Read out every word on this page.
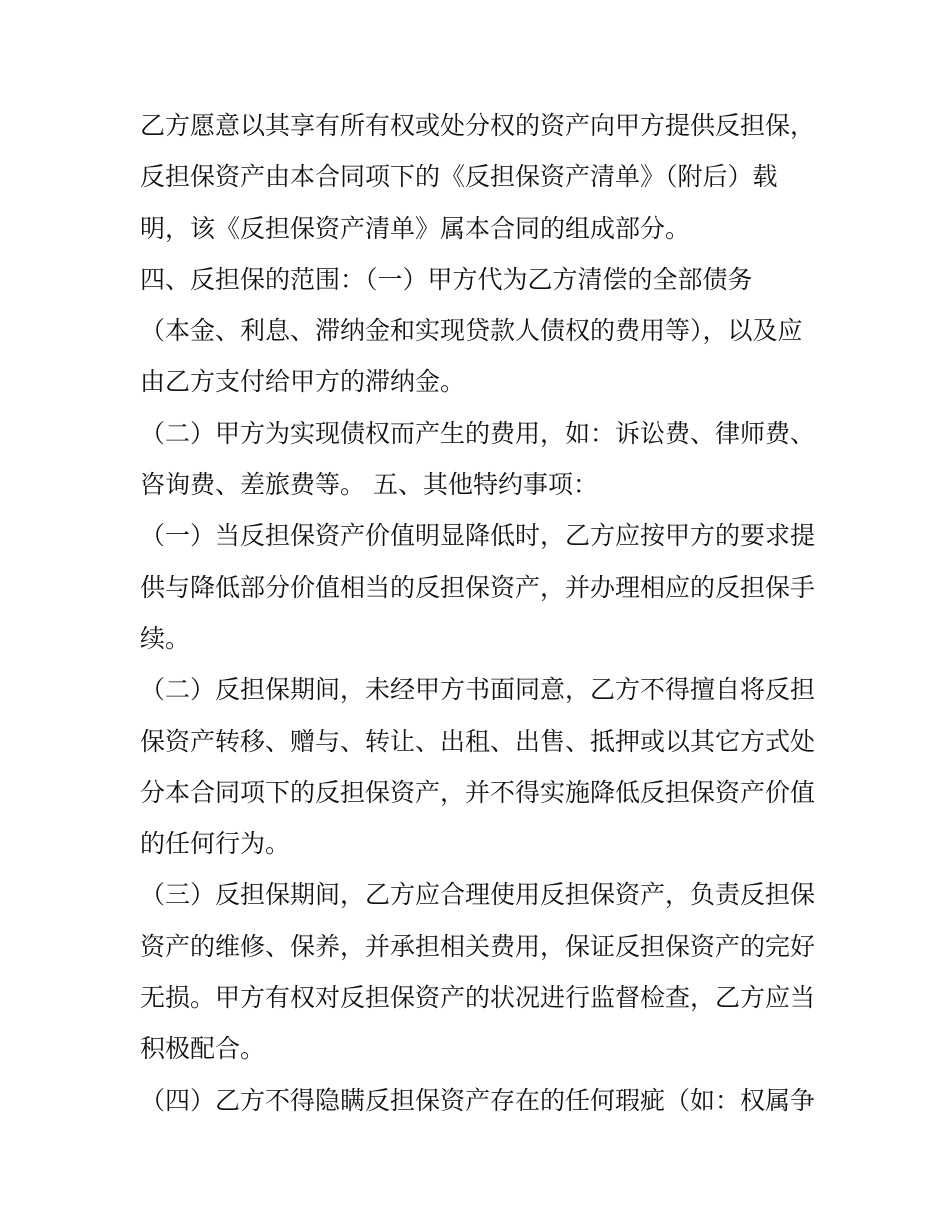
乙方愿意以其享有所有权或处分权的资产向甲方提供反担保，

反担保资产由本合同项下的《反担保资产清单》（附后）载

明，该《反担保资产清单》属本合同的组成部分。

四、反担保的范围：（一）甲方代为乙方清偿的全部债务

（本金、利息、滞纳金和实现贷款人债权的费用等），以及应

由乙方支付给甲方的滞纳金。

（二）甲方为实现债权而产生的费用，如：诉讼费、律师费、

咨询费、差旅费等。 五、其他特约事项：

（一）当反担保资产价值明显降低时，乙方应按甲方的要求提

供与降低部分价值相当的反担保资产，并办理相应的反担保手

续。

（二）反担保期间，未经甲方书面同意，乙方不得擅自将反担

保资产转移、赠与、转让、出租、出售、抵押或以其它方式处

分本合同项下的反担保资产，并不得实施降低反担保资产价值

的任何行为。

（三）反担保期间，乙方应合理使用反担保资产，负责反担保

资产的维修、保养，并承担相关费用，保证反担保资产的完好

无损。甲方有权对反担保资产的状况进行监督检查，乙方应当

积极配合。

（四）乙方不得隐瞒反担保资产存在的任何瑕疵（如：权属争
